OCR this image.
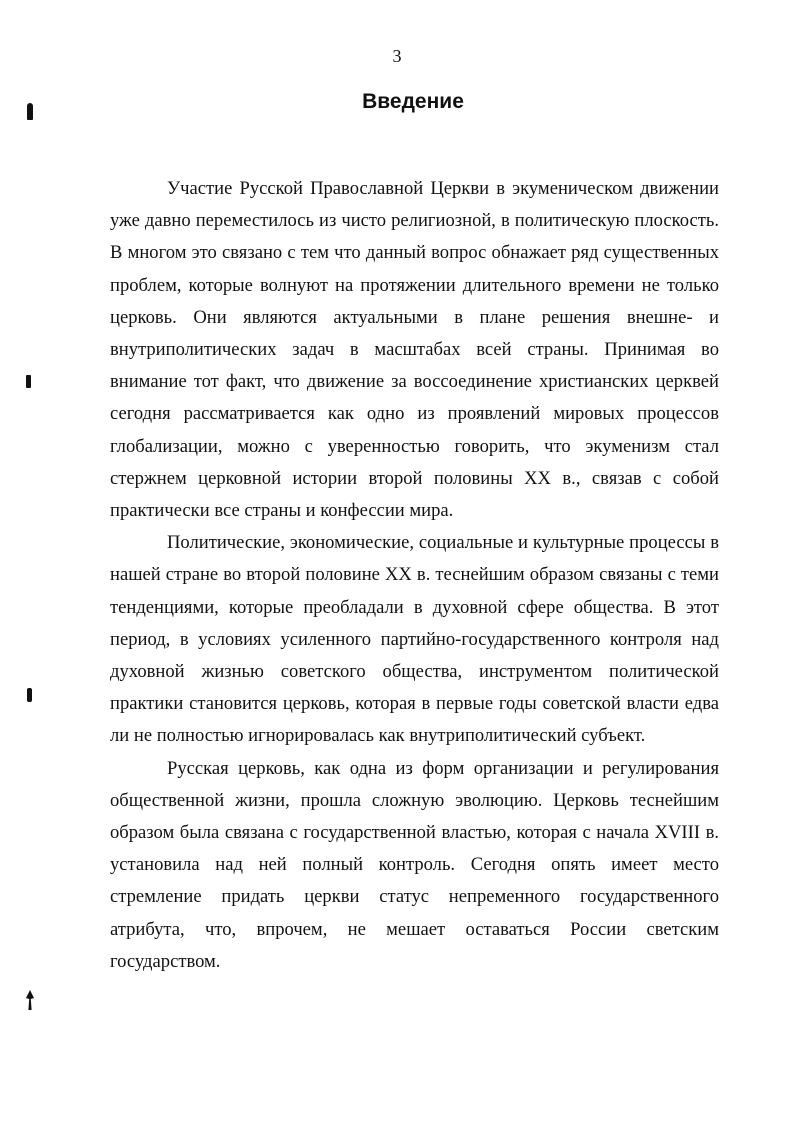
3
Введение

Участие Русской Православной Церкви в экуменическом движении уже давно переместилось из чисто религиозной, в политическую плоскость. В многом это связано с тем что данный вопрос обнажает ряд существенных проблем, которые волнуют на протяжении длительного времени не только церковь. Они являются актуальными в плане решения внешне- и внутриполитических задач в масштабах всей страны. Принимая во внимание тот факт, что движение за воссоединение христианских церквей сегодня рассматривается как одно из проявлений мировых процессов глобализации, можно с уверенностью говорить, что экуменизм стал стержнем церковной истории второй половины XX в., связав с собой практически все страны и конфессии мира.

Политические, экономические, социальные и культурные процессы в нашей стране во второй половине XX в. теснейшим образом связаны с теми тенденциями, которые преобладали в духовной сфере общества. В этот период, в условиях усиленного партийно-государственного контроля над духовной жизнью советского общества, инструментом политической практики становится церковь, которая в первые годы советской власти едва ли не полностью игнорировалась как внутриполитический субъект.

Русская церковь, как одна из форм организации и регулирования общественной жизни, прошла сложную эволюцию. Церковь теснейшим образом была связана с государственной властью, которая с начала XVIII в. установила над ней полный контроль. Сегодня опять имеет место стремление придать церкви статус непременного государственного атрибута, что, впрочем, не мешает оставаться России светским государством.
